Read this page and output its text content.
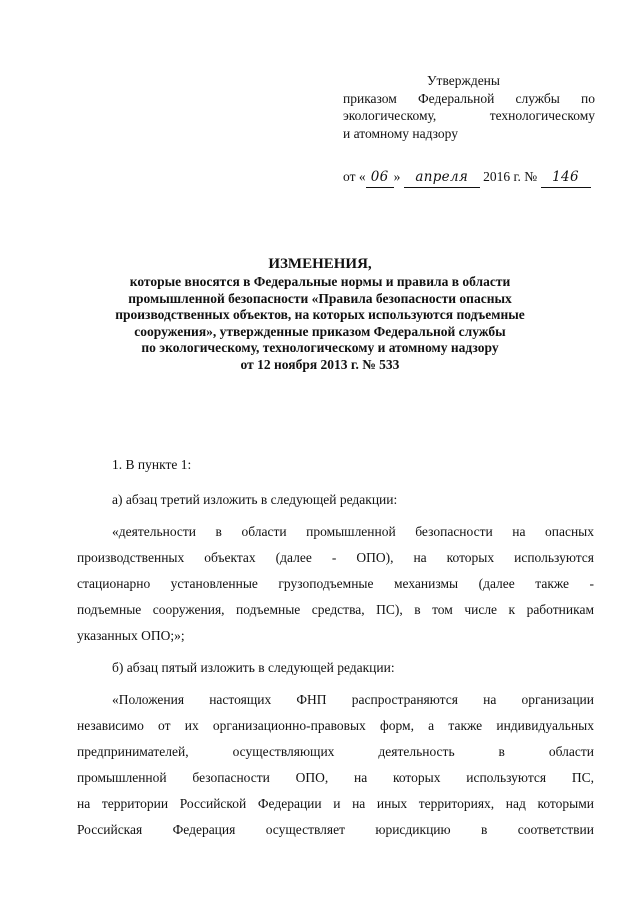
Утверждены
приказом Федеральной службы по
экологическому, технологическому
и атомному надзору
от « 06 » апреля 2016 г. № 146
ИЗМЕНЕНИЯ,
которые вносятся в Федеральные нормы и правила в области
промышленной безопасности «Правила безопасности опасных
производственных объектов, на которых используются подъемные
сооружения», утвержденные приказом Федеральной службы
по экологическому, технологическому и атомному надзору
от 12 ноября 2013 г. № 533

1. В пункте 1:

а) абзац третий изложить в следующей редакции:

«деятельности в области промышленной безопасности на опасных
производственных объектах (далее - ОПО), на которых используются
стационарно установленные грузоподъемные механизмы (далее также -
подъемные сооружения, подъемные средства, ПС), в том числе к работникам
указанных ОПО;»;

б) абзац пятый изложить в следующей редакции:

«Положения настоящих ФНП распространяются на организации
независимо от их организационно-правовых форм, а также индивидуальных
предпринимателей, осуществляющих деятельность в области
промышленной безопасности ОПО, на которых используются ПС,
на территории Российской Федерации и на иных территориях, над которыми
Российская Федерация осуществляет юрисдикцию в соответствии
